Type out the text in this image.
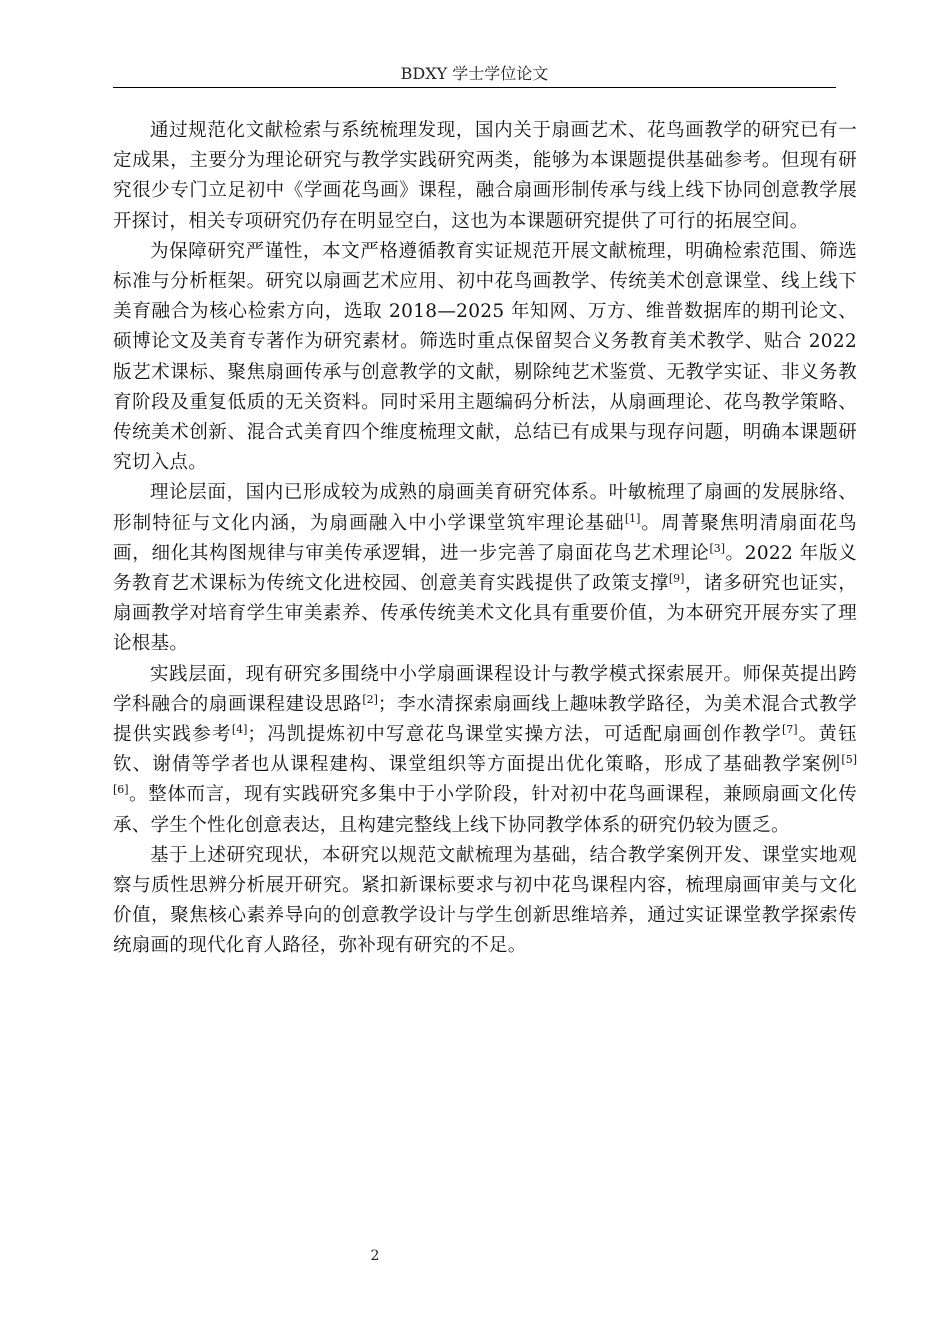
BDXY 学士学位论文

通过规范化文献检索与系统梳理发现，国内关于扇画艺术、花鸟画教学的研究已有一定成果，主要分为理论研究与教学实践研究两类，能够为本课题提供基础参考。但现有研究很少专门立足初中《学画花鸟画》课程，融合扇画形制传承与线上线下协同创意教学展开探讨，相关专项研究仍存在明显空白，这也为本课题研究提供了可行的拓展空间。

为保障研究严谨性，本文严格遵循教育实证规范开展文献梳理，明确检索范围、筛选标准与分析框架。研究以扇画艺术应用、初中花鸟画教学、传统美术创意课堂、线上线下美育融合为核心检索方向，选取 2018—2025 年知网、万方、维普数据库的期刊论文、硕博论文及美育专著作为研究素材。筛选时重点保留契合义务教育美术教学、贴合 2022 版艺术课标、聚焦扇画传承与创意教学的文献，剔除纯艺术鉴赏、无教学实证、非义务教育阶段及重复低质的无关资料。同时采用主题编码分析法，从扇画理论、花鸟教学策略、传统美术创新、混合式美育四个维度梳理文献，总结已有成果与现存问题，明确本课题研究切入点。

理论层面，国内已形成较为成熟的扇画美育研究体系。叶敏梳理了扇画的发展脉络、形制特征与文化内涵，为扇画融入中小学课堂筑牢理论基础[1]。周菁聚焦明清扇面花鸟画，细化其构图规律与审美传承逻辑，进一步完善了扇面花鸟艺术理论[3]。2022 年版义务教育艺术课标为传统文化进校园、创意美育实践提供了政策支撑[9]，诸多研究也证实，扇画教学对培育学生审美素养、传承传统美术文化具有重要价值，为本研究开展夯实了理论根基。

实践层面，现有研究多围绕中小学扇画课程设计与教学模式探索展开。师保英提出跨学科融合的扇画课程建设思路[2]；李水清探索扇画线上趣味教学路径，为美术混合式教学提供实践参考[4]；冯凯提炼初中写意花鸟课堂实操方法，可适配扇画创作教学[7]。黄钰钦、谢倩等学者也从课程建构、课堂组织等方面提出优化策略，形成了基础教学案例[5][6]。整体而言，现有实践研究多集中于小学阶段，针对初中花鸟画课程，兼顾扇画文化传承、学生个性化创意表达，且构建完整线上线下协同教学体系的研究仍较为匮乏。

基于上述研究现状，本研究以规范文献梳理为基础，结合教学案例开发、课堂实地观察与质性思辨分析展开研究。紧扣新课标要求与初中花鸟课程内容，梳理扇画审美与文化价值，聚焦核心素养导向的创意教学设计与学生创新思维培养，通过实证课堂教学探索传统扇画的现代化育人路径，弥补现有研究的不足。

2
